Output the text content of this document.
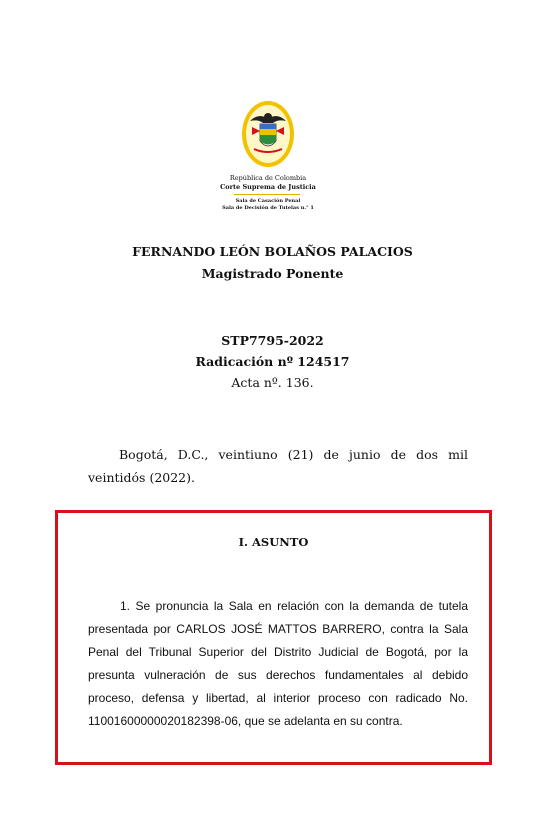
República de Colombia
Corte Suprema de Justicia
Sala de Casación Penal
Sala de Decisión de Tutelas n.° 1
FERNANDO LEÓN BOLAÑOS PALACIOS
Magistrado Ponente
STP7795-2022
Radicación nº 124517
Acta nº. 136.

Bogotá, D.C., veintiuno (21) de junio de dos mil veintidós (2022).

I. ASUNTO

1. Se pronuncia la Sala en relación con la demanda de tutela presentada por CARLOS JOSÉ MATTOS BARRERO, contra la Sala Penal del Tribunal Superior del Distrito Judicial de Bogotá, por la presunta vulneración de sus derechos fundamentales al debido proceso, defensa y libertad, al interior proceso con radicado No. 11001600000020182398-06, que se adelanta en su contra.
